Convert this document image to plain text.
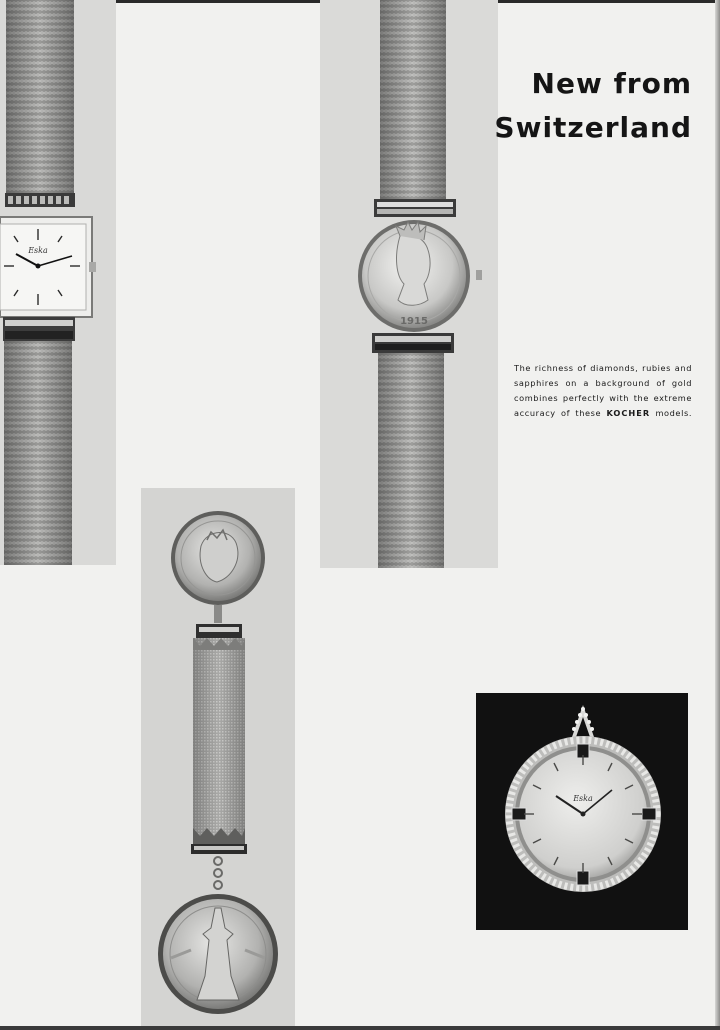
Eska
1915
Eska
New from
Switzerland
The richness of diamonds, rubies and
sapphires on a background of gold
combines perfectly with the extreme
accuracy of these KOCHER models.
